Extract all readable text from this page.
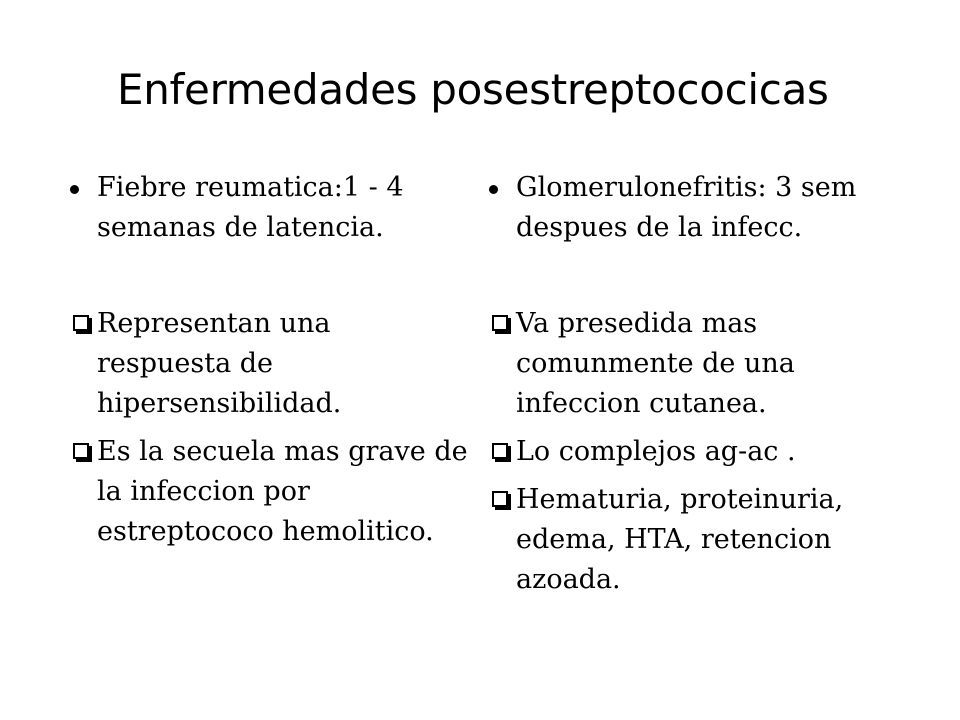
Enfermedades posestreptococicas
Fiebre reumatica:1 - 4
semanas de latencia.
Representan una
respuesta de
hipersensibilidad.
Es la secuela mas grave de
la infeccion por
estreptococo hemolitico.
Glomerulonefritis: 3 sem
despues de la infecc.
Va presedida mas
comunmente de una
infeccion cutanea.
Lo complejos ag-ac .
Hematuria, proteinuria,
edema, HTA, retencion
azoada.
